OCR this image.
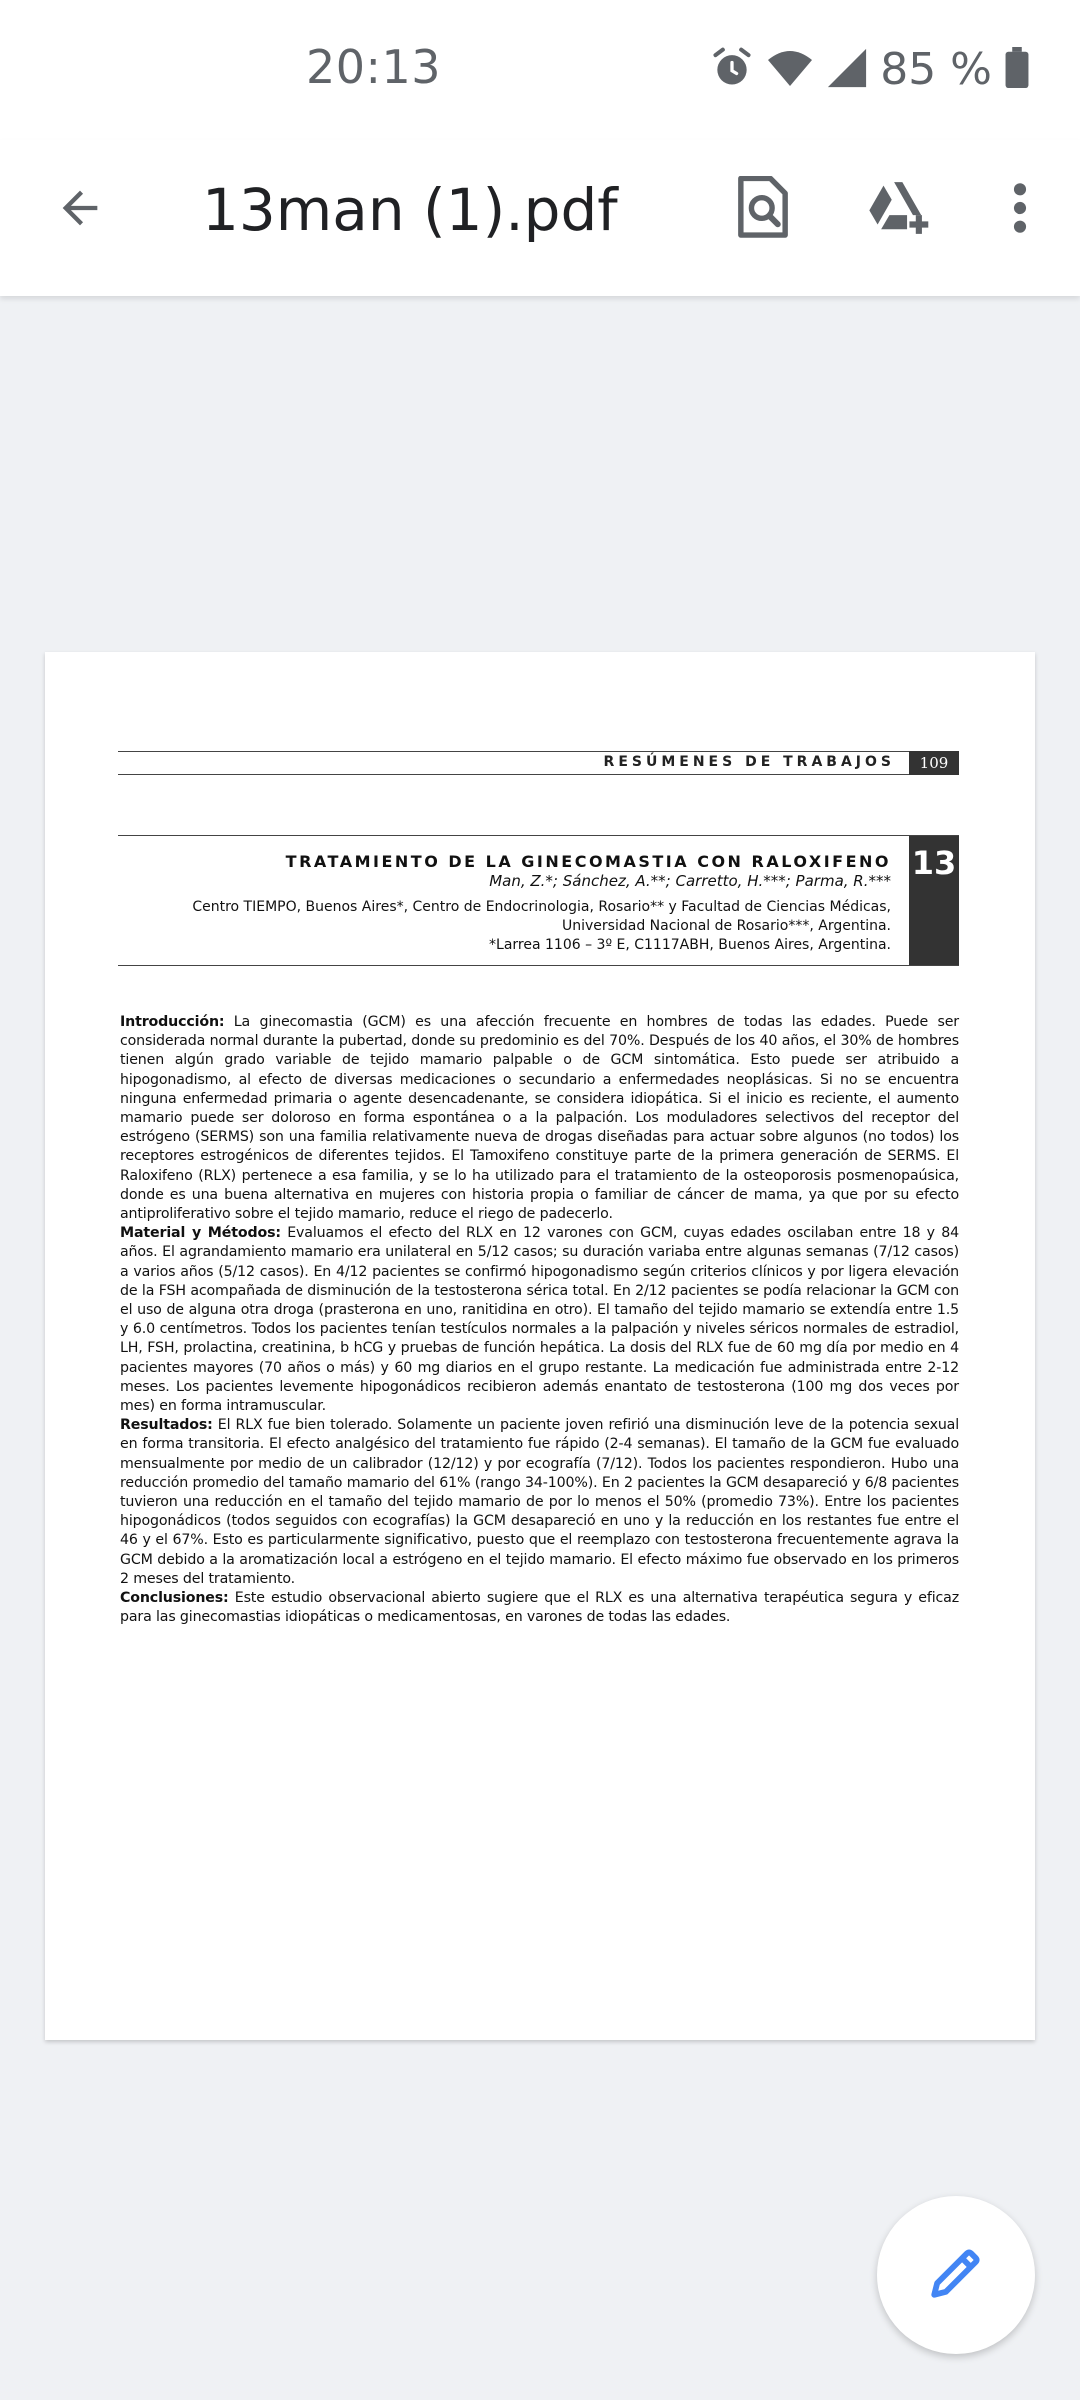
20:13	85 %
13man (1).pdf
RESÚMENES DE TRABAJOS	109
TRATAMIENTO DE LA GINECOMASTIA CON RALOXIFENO
Man, Z.*; Sánchez, A.**; Carretto, H.***; Parma, R.***
Centro TIEMPO, Buenos Aires*, Centro de Endocrinologia, Rosario** y Facultad de Ciencias Médicas,
Universidad Nacional de Rosario***, Argentina.
*Larrea 1106 – 3º E, C1117ABH, Buenos Aires, Argentina.
13

Introducción: La ginecomastia (GCM) es una afección frecuente en hombres de todas las edades. Puede ser considerada normal durante la pubertad, donde su predominio es del 70%. Después de los 40 años, el 30% de hombres tienen algún grado variable de tejido mamario palpable o de GCM sintomática. Esto puede ser atribuido a hipogonadismo, al efecto de diversas medicaciones o secundario a enfermedades neoplásicas. Si no se encuentra ninguna enfermedad primaria o agente desencadenante, se considera idiopática. Si el inicio es reciente, el aumento mamario puede ser doloroso en forma espontánea o a la palpación. Los moduladores selectivos del receptor del estrógeno (SERMS) son una familia relativamente nueva de drogas diseñadas para actuar sobre algunos (no todos) los receptores estrogénicos de diferentes tejidos. El Tamoxifeno constituye parte de la primera generación de SERMS. El Raloxifeno (RLX) pertenece a esa familia, y se lo ha utilizado para el tratamiento de la osteoporosis posmenopaúsica, donde es una buena alternativa en mujeres con historia propia o familiar de cáncer de mama, ya que por su efecto antiproliferativo sobre el tejido mamario, reduce el riego de padecerlo.

Material y Métodos: Evaluamos el efecto del RLX en 12 varones con GCM, cuyas edades oscilaban entre 18 y 84 años. El agrandamiento mamario era unilateral en 5/12 casos; su duración variaba entre algunas semanas (7/12 casos) a varios años (5/12 casos). En 4/12 pacientes se confirmó hipogonadismo según criterios clínicos y por ligera elevación de la FSH acompañada de disminución de la testosterona sérica total. En 2/12 pacientes se podía relacionar la GCM con el uso de alguna otra droga (prasterona en uno, ranitidina en otro). El tamaño del tejido mamario se extendía entre 1.5 y 6.0 centímetros. Todos los pacientes tenían testículos normales a la palpación y niveles séricos normales de estradiol, LH, FSH, prolactina, creatinina, b hCG y pruebas de función hepática. La dosis del RLX fue de 60 mg día por medio en 4 pacientes mayores (70 años o más) y 60 mg diarios en el grupo restante. La medicación fue administrada entre 2-12 meses. Los pacientes levemente hipogonádicos recibieron además enantato de testosterona (100 mg dos veces por mes) en forma intramuscular.

Resultados: El RLX fue bien tolerado. Solamente un paciente joven refirió una disminución leve de la potencia sexual en forma transitoria. El efecto analgésico del tratamiento fue rápido (2-4 semanas). El tamaño de la GCM fue evaluado mensualmente por medio de un calibrador (12/12) y por ecografía (7/12). Todos los pacientes respondieron. Hubo una reducción promedio del tamaño mamario del 61% (rango 34-100%). En 2 pacientes la GCM desapareció y 6/8 pacientes tuvieron una reducción en el tamaño del tejido mamario de por lo menos el 50% (promedio 73%). Entre los pacientes hipogonádicos (todos seguidos con ecografías) la GCM desapareció en uno y la reducción en los restantes fue entre el 46 y el 67%. Esto es particularmente significativo, puesto que el reemplazo con testosterona frecuentemente agrava la GCM debido a la aromatización local a estrógeno en el tejido mamario. El efecto máximo fue observado en los primeros 2 meses del tratamiento.

Conclusiones: Este estudio observacional abierto sugiere que el RLX es una alternativa terapéutica segura y eficaz para las ginecomastias idiopáticas o medicamentosas, en varones de todas las edades.
